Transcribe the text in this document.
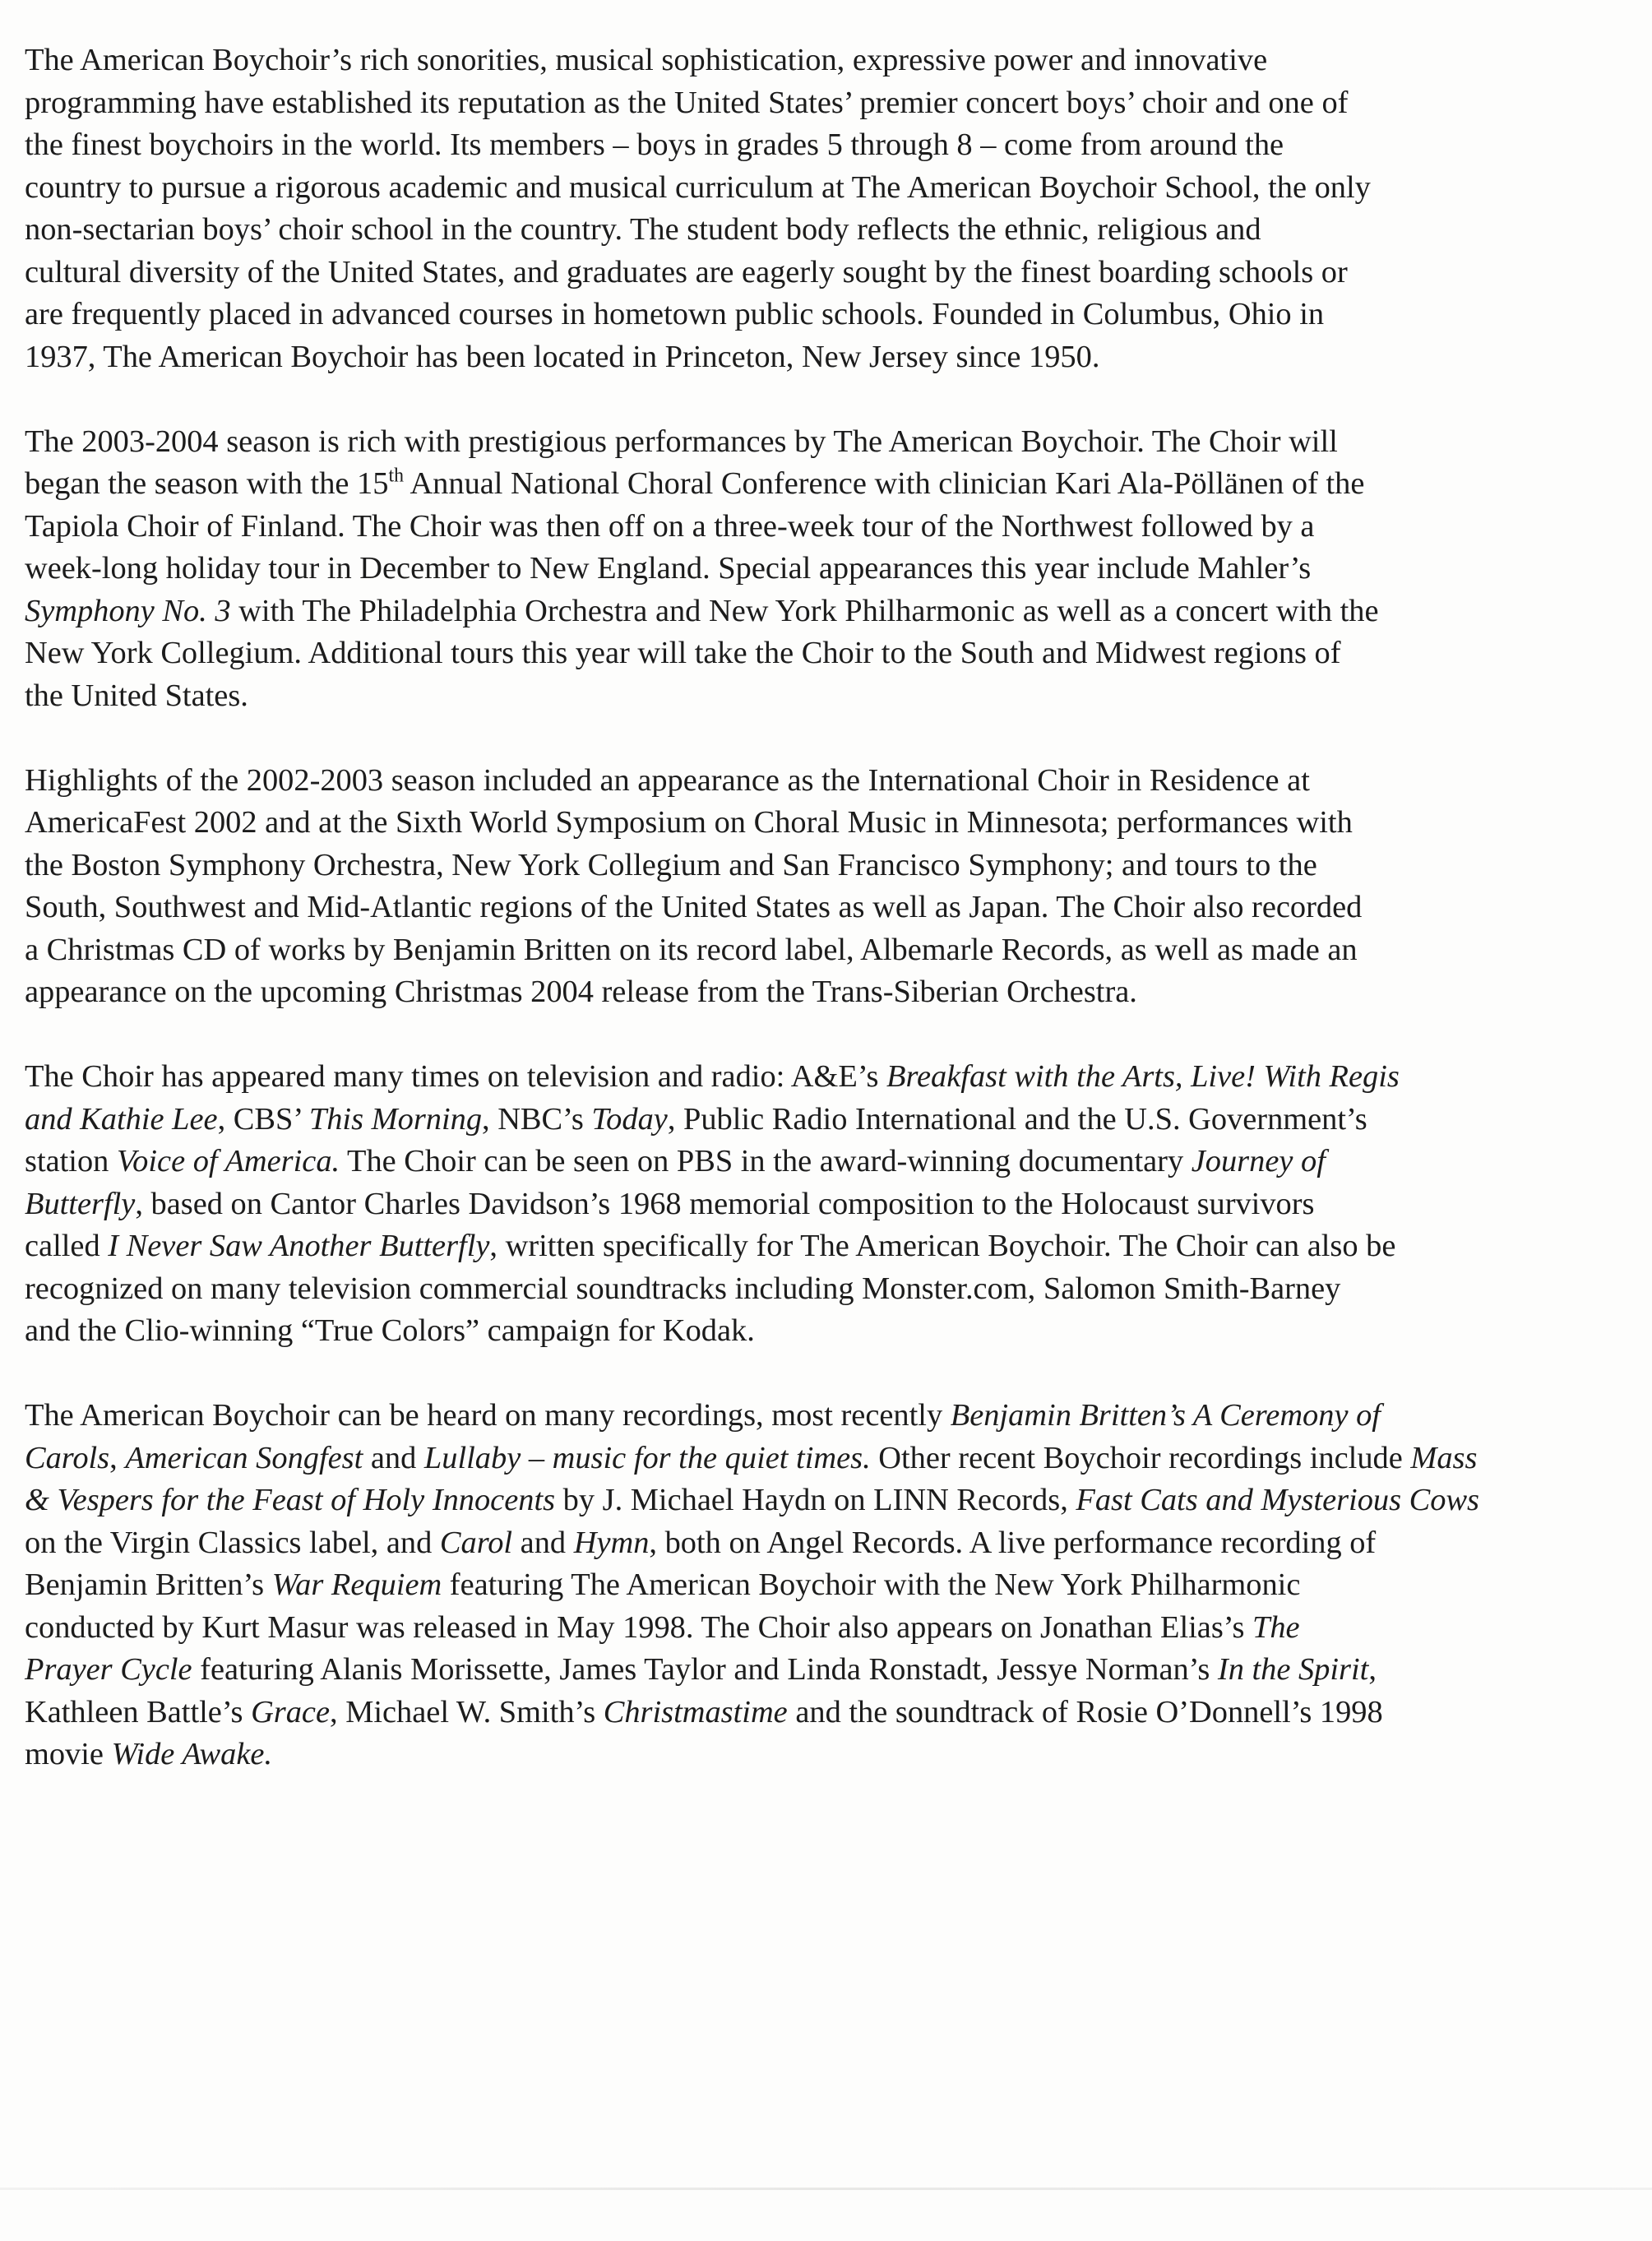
The American Boychoir’s rich sonorities, musical sophistication, expressive power and innovative
programming have established its reputation as the United States’ premier concert boys’ choir and one of
the finest boychoirs in the world. Its members – boys in grades 5 through 8 – come from around the
country to pursue a rigorous academic and musical curriculum at The American Boychoir School, the only
non-sectarian boys’ choir school in the country. The student body reflects the ethnic, religious and
cultural diversity of the United States, and graduates are eagerly sought by the finest boarding schools or
are frequently placed in advanced courses in hometown public schools. Founded in Columbus, Ohio in
1937, The American Boychoir has been located in Princeton, New Jersey since 1950.
The 2003-2004 season is rich with prestigious performances by The American Boychoir. The Choir will
began the season with the 15th Annual National Choral Conference with clinician Kari Ala-Pöllänen of the
Tapiola Choir of Finland. The Choir was then off on a three-week tour of the Northwest followed by a
week-long holiday tour in December to New England. Special appearances this year include Mahler’s
Symphony No. 3 with The Philadelphia Orchestra and New York Philharmonic as well as a concert with the
New York Collegium. Additional tours this year will take the Choir to the South and Midwest regions of
the United States.
Highlights of the 2002-2003 season included an appearance as the International Choir in Residence at
AmericaFest 2002 and at the Sixth World Symposium on Choral Music in Minnesota; performances with
the Boston Symphony Orchestra, New York Collegium and San Francisco Symphony; and tours to the
South, Southwest and Mid-Atlantic regions of the United States as well as Japan. The Choir also recorded
a Christmas CD of works by Benjamin Britten on its record label, Albemarle Records, as well as made an
appearance on the upcoming Christmas 2004 release from the Trans-Siberian Orchestra.
The Choir has appeared many times on television and radio: A&E’s Breakfast with the Arts, Live! With Regis
and Kathie Lee, CBS’ This Morning, NBC’s Today, Public Radio International and the U.S. Government’s
station Voice of America. The Choir can be seen on PBS in the award-winning documentary Journey of
Butterfly, based on Cantor Charles Davidson’s 1968 memorial composition to the Holocaust survivors
called I Never Saw Another Butterfly, written specifically for The American Boychoir. The Choir can also be
recognized on many television commercial soundtracks including Monster.com, Salomon Smith-Barney
and the Clio-winning “True Colors” campaign for Kodak.
The American Boychoir can be heard on many recordings, most recently Benjamin Britten’s A Ceremony of
Carols, American Songfest and Lullaby – music for the quiet times. Other recent Boychoir recordings include Mass
& Vespers for the Feast of Holy Innocents by J. Michael Haydn on LINN Records, Fast Cats and Mysterious Cows
on the Virgin Classics label, and Carol and Hymn, both on Angel Records. A live performance recording of
Benjamin Britten’s War Requiem featuring The American Boychoir with the New York Philharmonic
conducted by Kurt Masur was released in May 1998. The Choir also appears on Jonathan Elias’s The
Prayer Cycle featuring Alanis Morissette, James Taylor and Linda Ronstadt, Jessye Norman’s In the Spirit,
Kathleen Battle’s Grace, Michael W. Smith’s Christmastime and the soundtrack of Rosie O’Donnell’s 1998
movie Wide Awake.
